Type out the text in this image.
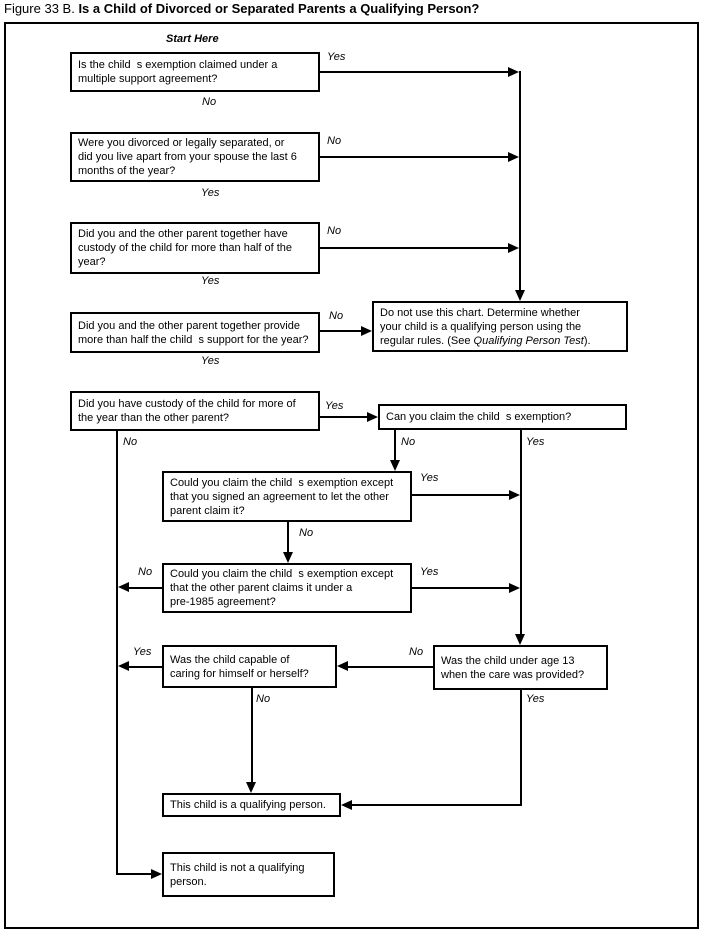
Figure 33 B. Is a Child of Divorced or Separated Parents a Qualifying Person?
Start Here
Is the child  s exemption claimed under a
multiple support agreement?
Were you divorced or legally separated, or
did you live apart from your spouse the last 6
months of the year?
Did you and the other parent together have
custody of the child for more than half of the
year?
Did you and the other parent together provide
more than half the child  s support for the year?
Did you have custody of the child for more of
the year than the other parent?
Do not use this chart. Determine whether
your child is a qualifying person using the
regular rules. (See Qualifying Person Test).
Can you claim the child  s exemption?
Could you claim the child  s exemption except
that you signed an agreement to let the other
parent claim it?
Could you claim the child  s exemption except
that the other parent claims it under a
pre-1985 agreement?
Was the child under age 13
when the care was provided?
Was the child capable of
caring for himself or herself?
This child is a qualifying person.
This child is not a qualifying
person.
Yes
No
No
Yes
No
Yes
No
Yes
Yes
No	No	Yes
Yes
No
No	Yes
Yes	No
No	Yes
